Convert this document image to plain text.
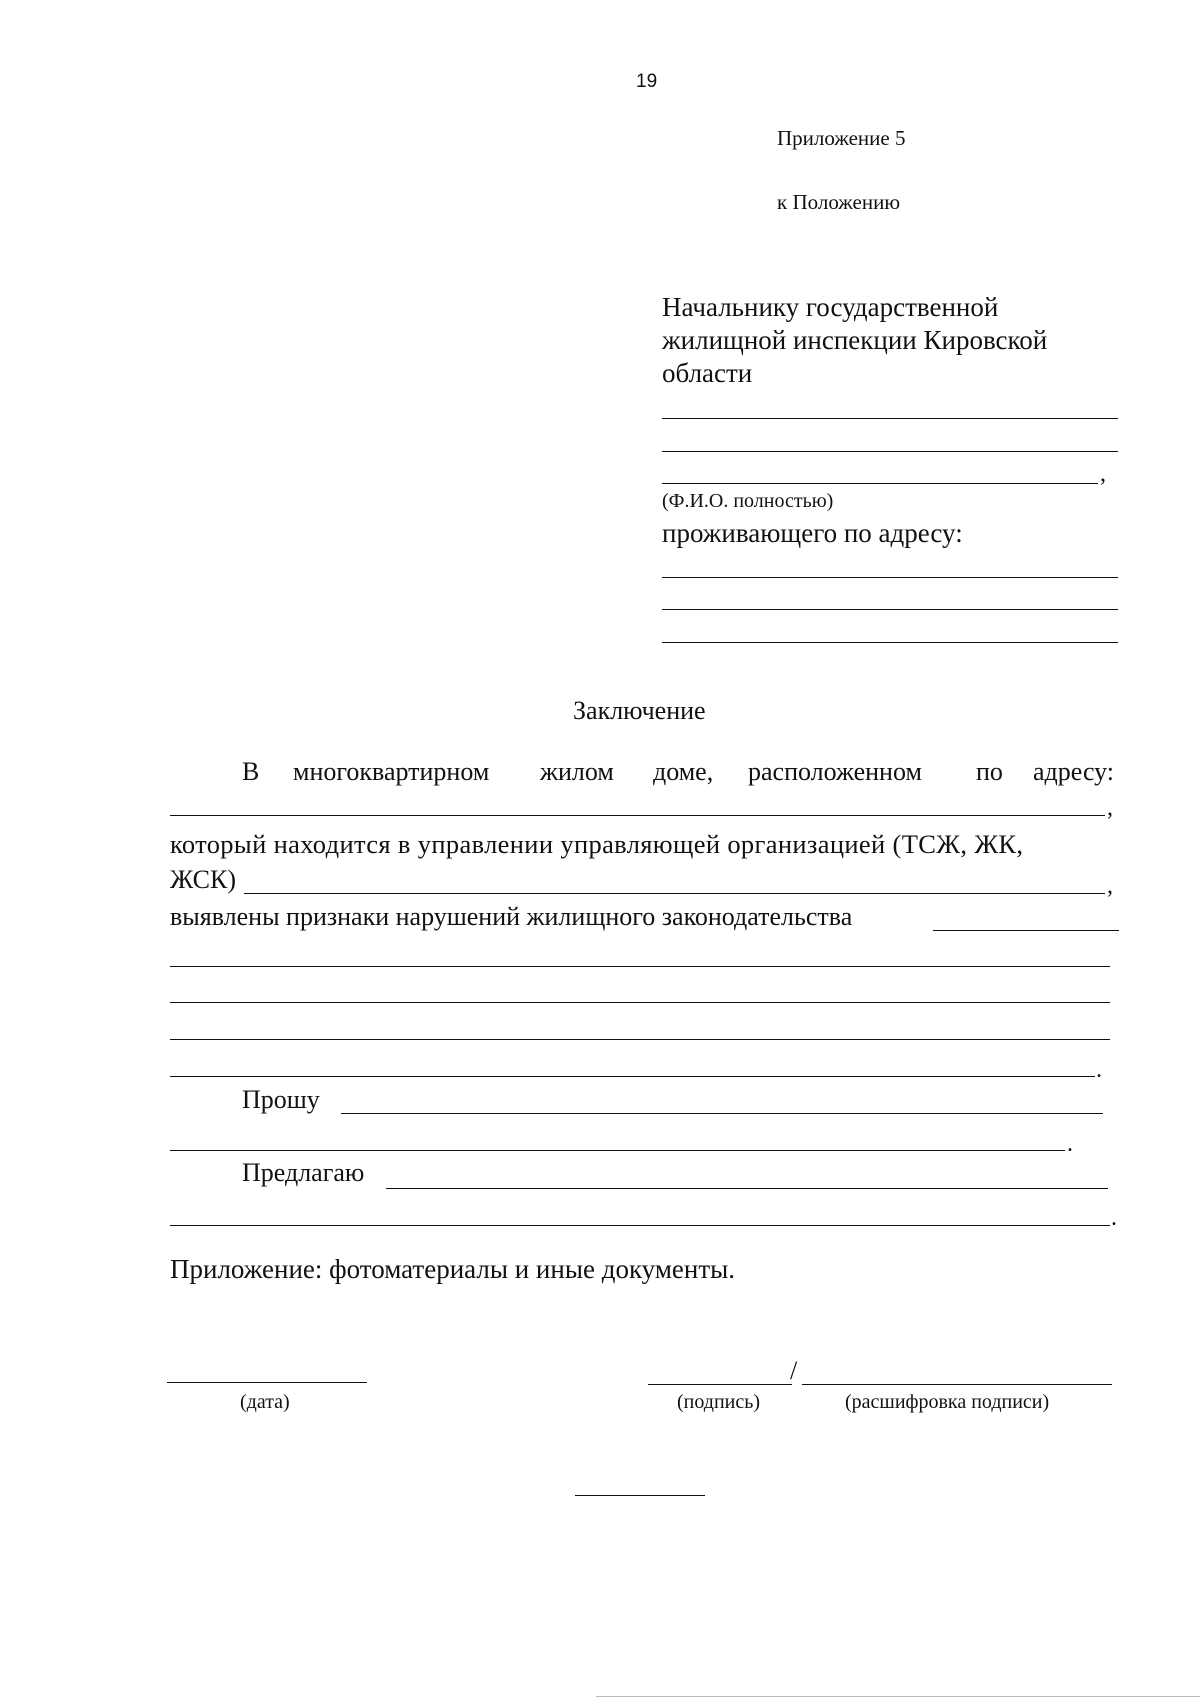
19
Приложение 5
к Положению
Начальнику государственной
жилищной инспекции Кировской
области
,
(Ф.И.О. полностью)
проживающего по адресу:
Заключение
В многоквартирном жилом доме, расположенном по адресу:
,
который находится в управлении управляющей организацией (ТСЖ, ЖК,
ЖСК)	,
выявлены признаки нарушений жилищного законодательства
.
Прошу
.
Предлагаю
.
Приложение: фотоматериалы и иные документы.
(дата)
/
(подпись)	(расшифровка подписи)
